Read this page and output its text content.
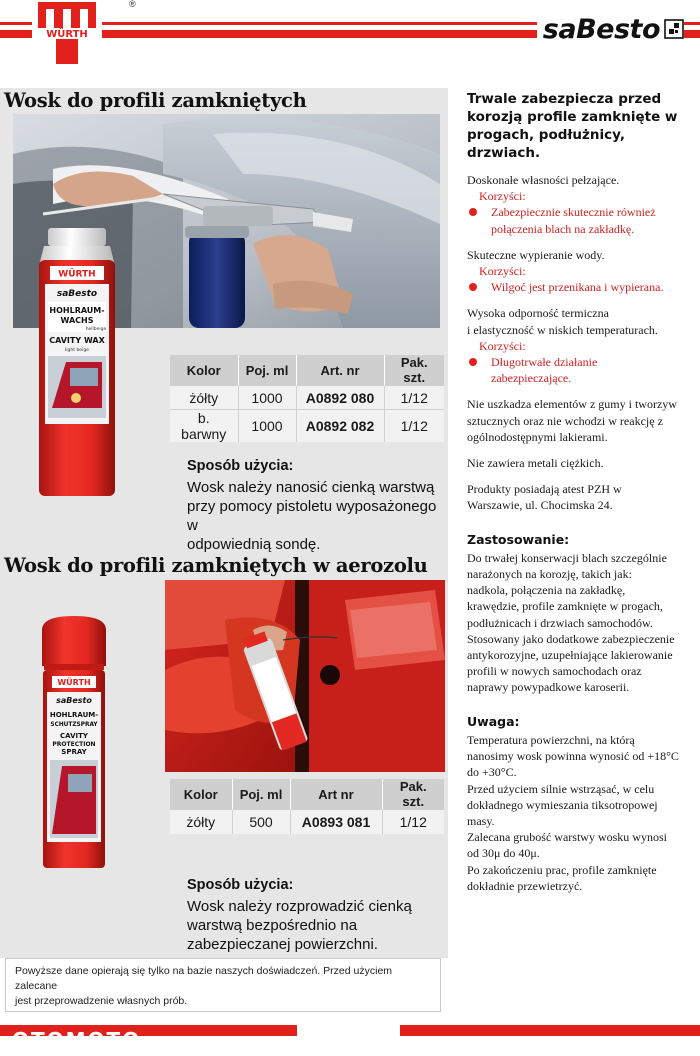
WÜRTH
®
saBesto
Wosk do profili zamkniętych
WÜRTH
saBesto
HOHLRAUM-
WACHS
hellbeige
CAVITY WAX
light beige
Kolor	Poj. ml	Art. nr	Pak. szt.
żółty	1000	A0892 080	1/12
b. barwny	1000	A0892 082	1/12
Sposób użycia:
Wosk należy nanosić cienką warstwą
przy pomocy pistoletu wyposażonego w
odpowiednią sondę.
Wosk do profili zamkniętych w aerozolu
WÜRTH
saBesto
HOHLRAUM-
SCHUTZSPRAY
CAVITY
PROTECTION
SPRAY
Kolor	Poj. ml	Art nr	Pak. szt.
żółty	500	A0893 081	1/12
Sposób użycia:
Wosk należy rozprowadzić cienką
warstwą bezpośrednio na
zabezpieczanej powierzchni.
Powyższe dane opierają się tylko na bazie naszych doświadczeń. Przed użyciem zalecane
jest przeprowadzenie własnych prób.
Trwale zabezpiecza przed
korozją profile zamknięte w
progach, podłużnicy, drzwiach.
Doskonałe własności pełzające.
Korzyści:
Zabezpiecznie skutecznie również
połączenia blach na zakładkę.
Skuteczne wypieranie wody.
Korzyści:
Wilgoć jest przenikana i wypierana.
Wysoka odporność termiczna
i elastyczność w niskich temperaturach.
Korzyści:
Długotrwałe działanie
zabezpieczające.
Nie uszkadza elementów z gumy i tworzyw
sztucznych oraz nie wchodzi w reakcję z
ogólnodostępnymi lakierami.
Nie zawiera metali ciężkich.
Produkty posiadają atest PZH w
Warszawie, ul. Chocimska 24.
Zastosowanie:
Do trwałej konserwacji blach szczególnie
narażonych na korozję, takich jak:
nadkola, połączenia na zakładkę,
krawędzie, profile zamknięte w progach,
podłużnicach i drzwiach samochodów.
Stosowany jako dodatkowe zabezpieczenie
antykorozyjne, uzupełniające lakierowanie
profili w nowych samochodach oraz
naprawy powypadkowe karoserii.
Uwaga:
Temperatura powierzchni, na którą
nanosimy wosk powinna wynosić od +18°C
do +30°C.
Przed użyciem silnie wstrząsać, w celu
dokładnego wymieszania tiksotropowej
masy.
Zalecana grubość warstwy wosku wynosi
od 30μ do 40μ.
Po zakończeniu prac, profile zamknięte
dokładnie przewietrzyć.
OTOMOTO
